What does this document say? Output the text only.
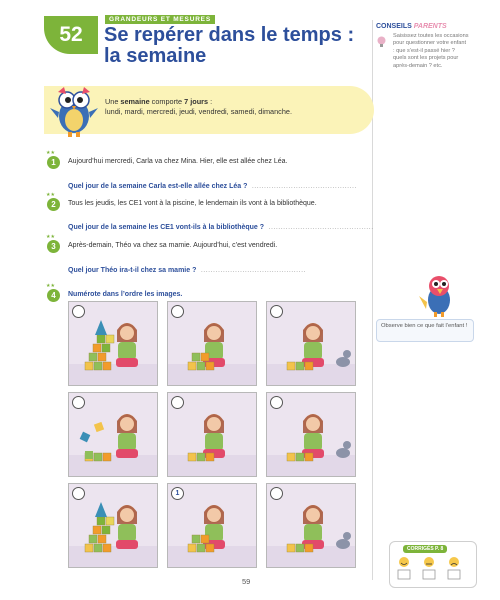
52
GRANDEURS ET MESURES
Se repérer dans le temps :
la semaine
CONSEILS PARENTS
Saisissez toutes les occasions pour questionner votre enfant : que s’est-il passé hier ? quels sont les projets pour après-demain ? etc.
Une semaine comporte 7 jours :
lundi, mardi, mercredi, jeudi, vendredi, samedi, dimanche.
★★
1	Aujourd’hui mercredi, Carla va chez Mina. Hier, elle est allée chez Léa.
Quel jour de la semaine Carla est-elle allée chez Léa ? ...........................................
★★
2	Tous les jeudis, les CE1 vont à la piscine, le lendemain ils vont à la bibliothèque.
Quel jour de la semaine les CE1 vont-ils à la bibliothèque ? ...........................................
★★
3	Après-demain, Théo va chez sa mamie. Aujourd’hui, c’est vendredi.
Quel jour Théo ira-t-il chez sa mamie ? ...........................................
★★
4	Numérote dans l’ordre les images.
1
Observe bien ce que fait l’enfant !
CORRIGÉS P. 8
59
